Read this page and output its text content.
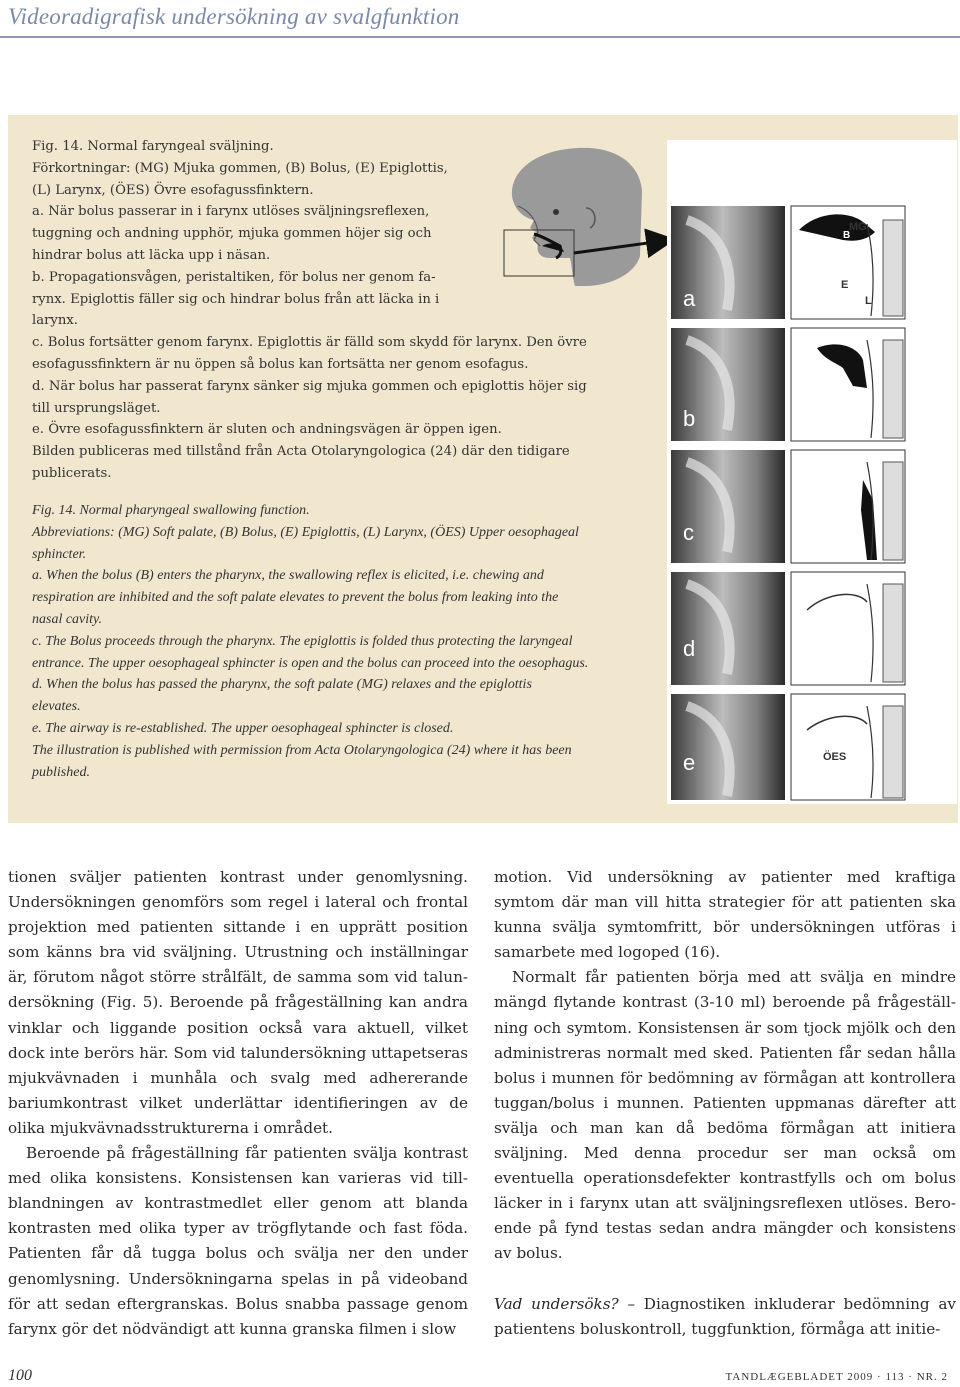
Videoradigrafisk undersökning av svalgfunktion

Fig. 14. Normal faryngeal sväljning.

Förkortningar: (MG) Mjuka gommen, (B) Bolus, (E) Epiglottis,

(L) Larynx, (ÖES) Övre esofagussfinktern.

a. När bolus passerar in i farynx utlöses sväljningsreflexen,

tuggning och andning upphör, mjuka gommen höjer sig och

hindrar bolus att läcka upp i näsan.

b. Propagationsvågen, peristaltiken, för bolus ner genom fa-

rynx. Epiglottis fäller sig och hindrar bolus från att läcka in i

larynx.

c. Bolus fortsätter genom farynx. Epiglottis är fälld som skydd för larynx. Den övre

esofagussfinktern är nu öppen så bolus kan fortsätta ner genom esofagus.

d. När bolus har passerat farynx sänker sig mjuka gommen och epiglottis höjer sig

till ursprungsläget.

e. Övre esofagussfinktern är sluten och andningsvägen är öppen igen.

Bilden publiceras med tillstånd från Acta Otolaryngologica (24) där den tidigare

publicerats.

Fig. 14. Normal pharyngeal swallowing function.

Abbreviations: (MG) Soft palate, (B) Bolus, (E) Epiglottis, (L) Larynx, (ÖES) Upper oesophageal

sphincter.

a. When the bolus (B) enters the pharynx, the swallowing reflex is elicited, i.e. chewing and

respiration are inhibited and the soft palate elevates to prevent the bolus from leaking into the

nasal cavity.

c. The Bolus proceeds through the pharynx. The epiglottis is folded thus protecting the laryngeal

entrance. The upper oesophageal sphincter is open and the bolus can proceed into the oesophagus.

d. When the bolus has passed the pharynx, the soft palate (MG) relaxes and the epiglottis

elevates.

e. The airway is re-established. The upper oesophageal sphincter is closed.

The illustration is published with permission from Acta Otolaryngologica (24) where it has been

published.

a
b
c
d
e
MG
B
E
L
ÖES

tionen sväljer patienten kontrast under genomlysning. Undersökningen genomförs som regel i lateral och frontal projektion med patienten sittande i en upprätt position som känns bra vid sväljning. Utrustning och inställningar är, förutom något större strålfält, de samma som vid talundersökning (Fig. 5). Beroende på frågeställning kan andra vinklar och liggande position också vara aktuell, vilket dock inte berörs här. Som vid talundersökning uttapetseras mjukvävnaden i munhåla och svalg med adhererande bariumkontrast vilket underlättar identifieringen av de olika mjukvävnadsstrukturerna i området.

Beroende på frågeställning får patienten svälja kontrast med olika konsistens. Konsistensen kan varieras vid tillblandningen av kontrastmedlet eller genom att blanda kontrasten med olika typer av trögflytande och fast föda. Patienten får då tugga bolus och svälja ner den under genomlysning. Undersökningarna spelas in på videoband för att sedan eftergranskas. Bolus snabba passage genom farynx gör det nödvändigt att kunna granska filmen i slow

motion. Vid undersökning av patienter med kraftiga symtom där man vill hitta strategier för att patienten ska kunna svälja symtomfritt, bör undersökningen utföras i samarbete med logoped (16).

Normalt får patienten börja med att svälja en mindre mängd flytande kontrast (3-10 ml) beroende på frågeställning och symtom. Konsistensen är som tjock mjölk och den administreras normalt med sked. Patienten får sedan hålla bolus i munnen för bedömning av förmågan att kontrollera tuggan/bolus i munnen. Patienten uppmanas därefter att svälja och man kan då bedöma förmågan att initiera sväljning. Med denna procedur ser man också om eventuella operationsdefekter kontrastfylls och om bolus läcker in i farynx utan att sväljningsreflexen utlöses. Beroende på fynd testas sedan andra mängder och konsistens av bolus.

Vad undersöks? – Diagnostiken inkluderar bedömning av patientens boluskontroll, tuggfunktion, förmåga att initie-

100	TANDLÆGEBLADET 2009 · 113 · NR. 2
